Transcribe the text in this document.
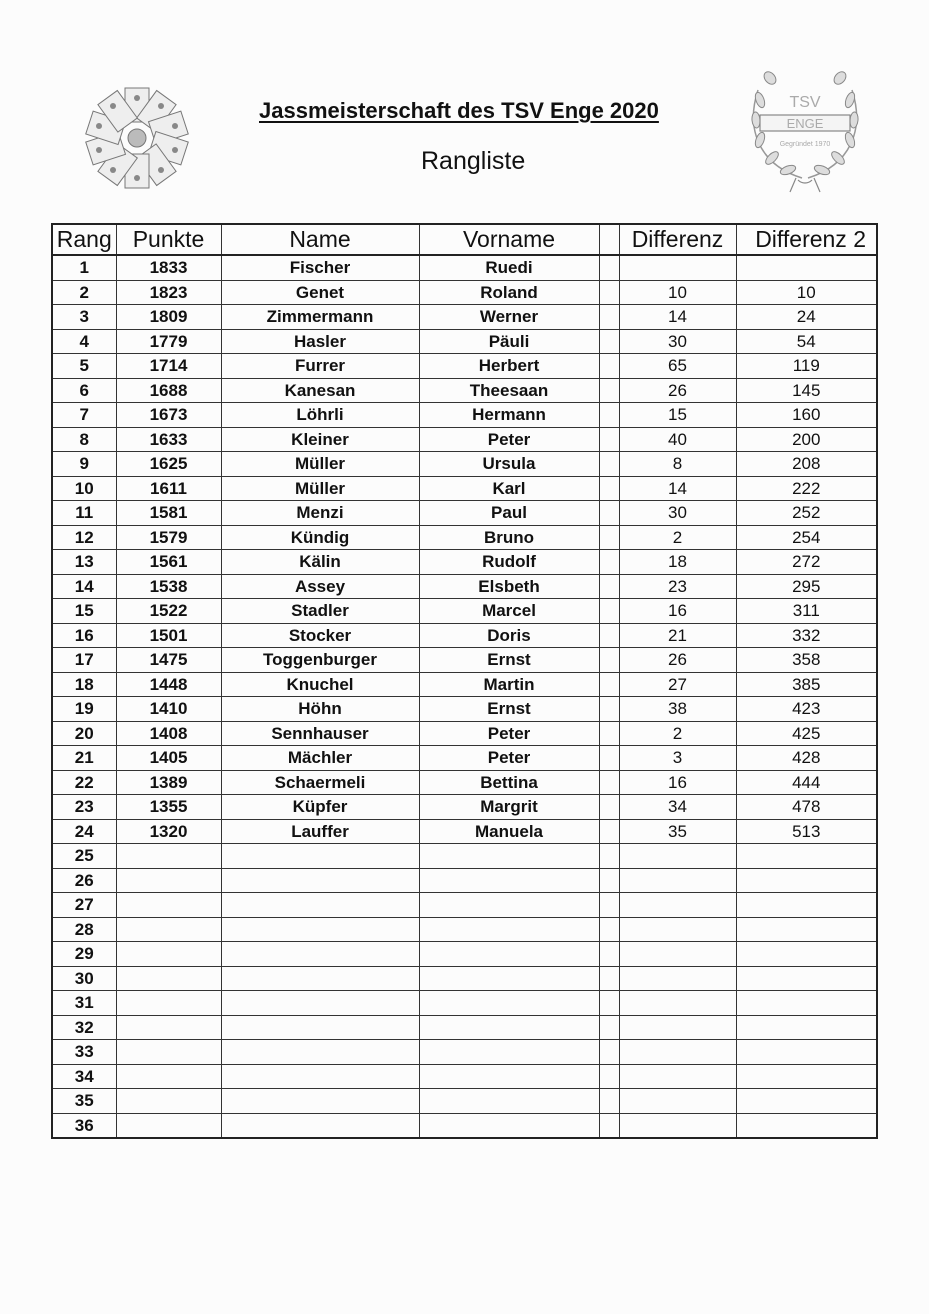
TSV
ENGE
Gegründet 1970
Jassmeisterschaft des TSV Enge 2020
Rangliste
Rang	Punkte	Name	Vorname		Differenz	Differenz 2
1	1833	Fischer	Ruedi			
2	1823	Genet	Roland		10	10
3	1809	Zimmermann	Werner		14	24
4	1779	Hasler	Päuli		30	54
5	1714	Furrer	Herbert		65	119
6	1688	Kanesan	Theesaan		26	145
7	1673	Löhrli	Hermann		15	160
8	1633	Kleiner	Peter		40	200
9	1625	Müller	Ursula		8	208
10	1611	Müller	Karl		14	222
11	1581	Menzi	Paul		30	252
12	1579	Kündig	Bruno		2	254
13	1561	Kälin	Rudolf		18	272
14	1538	Assey	Elsbeth		23	295
15	1522	Stadler	Marcel		16	311
16	1501	Stocker	Doris		21	332
17	1475	Toggenburger	Ernst		26	358
18	1448	Knuchel	Martin		27	385
19	1410	Höhn	Ernst		38	423
20	1408	Sennhauser	Peter		2	425
21	1405	Mächler	Peter		3	428
22	1389	Schaermeli	Bettina		16	444
23	1355	Küpfer	Margrit		34	478
24	1320	Lauffer	Manuela		35	513
25						
26						
27						
28						
29						
30						
31						
32						
33						
34						
35						
36						
